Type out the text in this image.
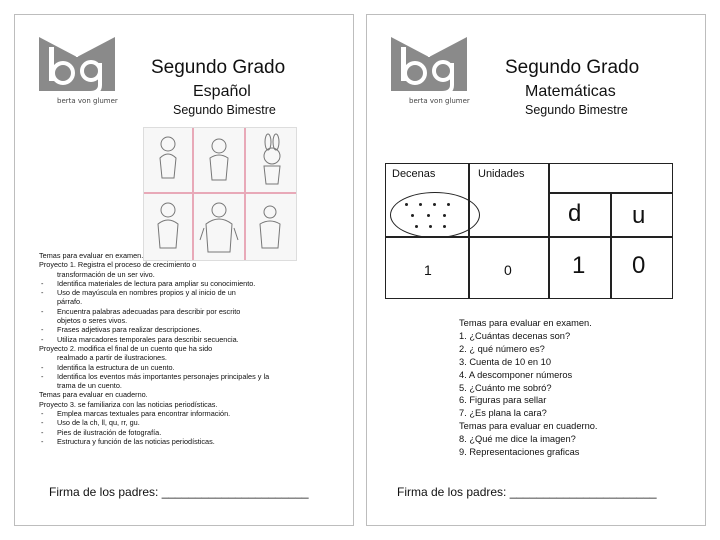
berta von glumer
Segundo Grado
Español
Segundo Bimestre
Temas para evaluar en examen.
Proyecto 1. Registra el proceso de crecimiento o
transformación de un ser vivo.
- Identifica materiales de lectura para ampliar su conocimiento.
- Uso de mayúscula en nombres propios y al inicio de un
párrafo.
- Encuentra palabras adecuadas para describir por escrito
objetos o seres vivos.
- Frases adjetivas para realizar descripciones.
- Utiliza marcadores temporales para describir secuencia.
Proyecto 2. modifica el final de un cuento que ha sido
realmado a partir de ilustraciones.
- Identifica la estructura de un cuento.
- Identifica los eventos más importantes personajes principales y la
trama de un cuento.
Temas para evaluar en cuaderno.
Proyecto 3. se familiariza con las noticias periodísticas.
- Emplea marcas textuales para encontrar información.
- Uso de la ch, ll, qu, rr, gu.
- Pies de ilustración de fotografía.
- Estructura y función de las noticias periodísticas.
Firma de los padres: ______________________
berta von glumer
Segundo Grado
Matemáticas
Segundo Bimestre
Decenas	Unidades
1	0
d u
1 0
Temas para evaluar en examen.
1. ¿Cuántas decenas son?
2. ¿ qué número es?
3. Cuenta de 10 en 10
4. A descomponer números
5. ¿Cuánto me sobró?
6. Figuras para sellar
7. ¿Es plana la cara?
Temas para evaluar en cuaderno.
8. ¿Qué me dice la imagen?
9. Representaciones graficas
Firma de los padres: ______________________
